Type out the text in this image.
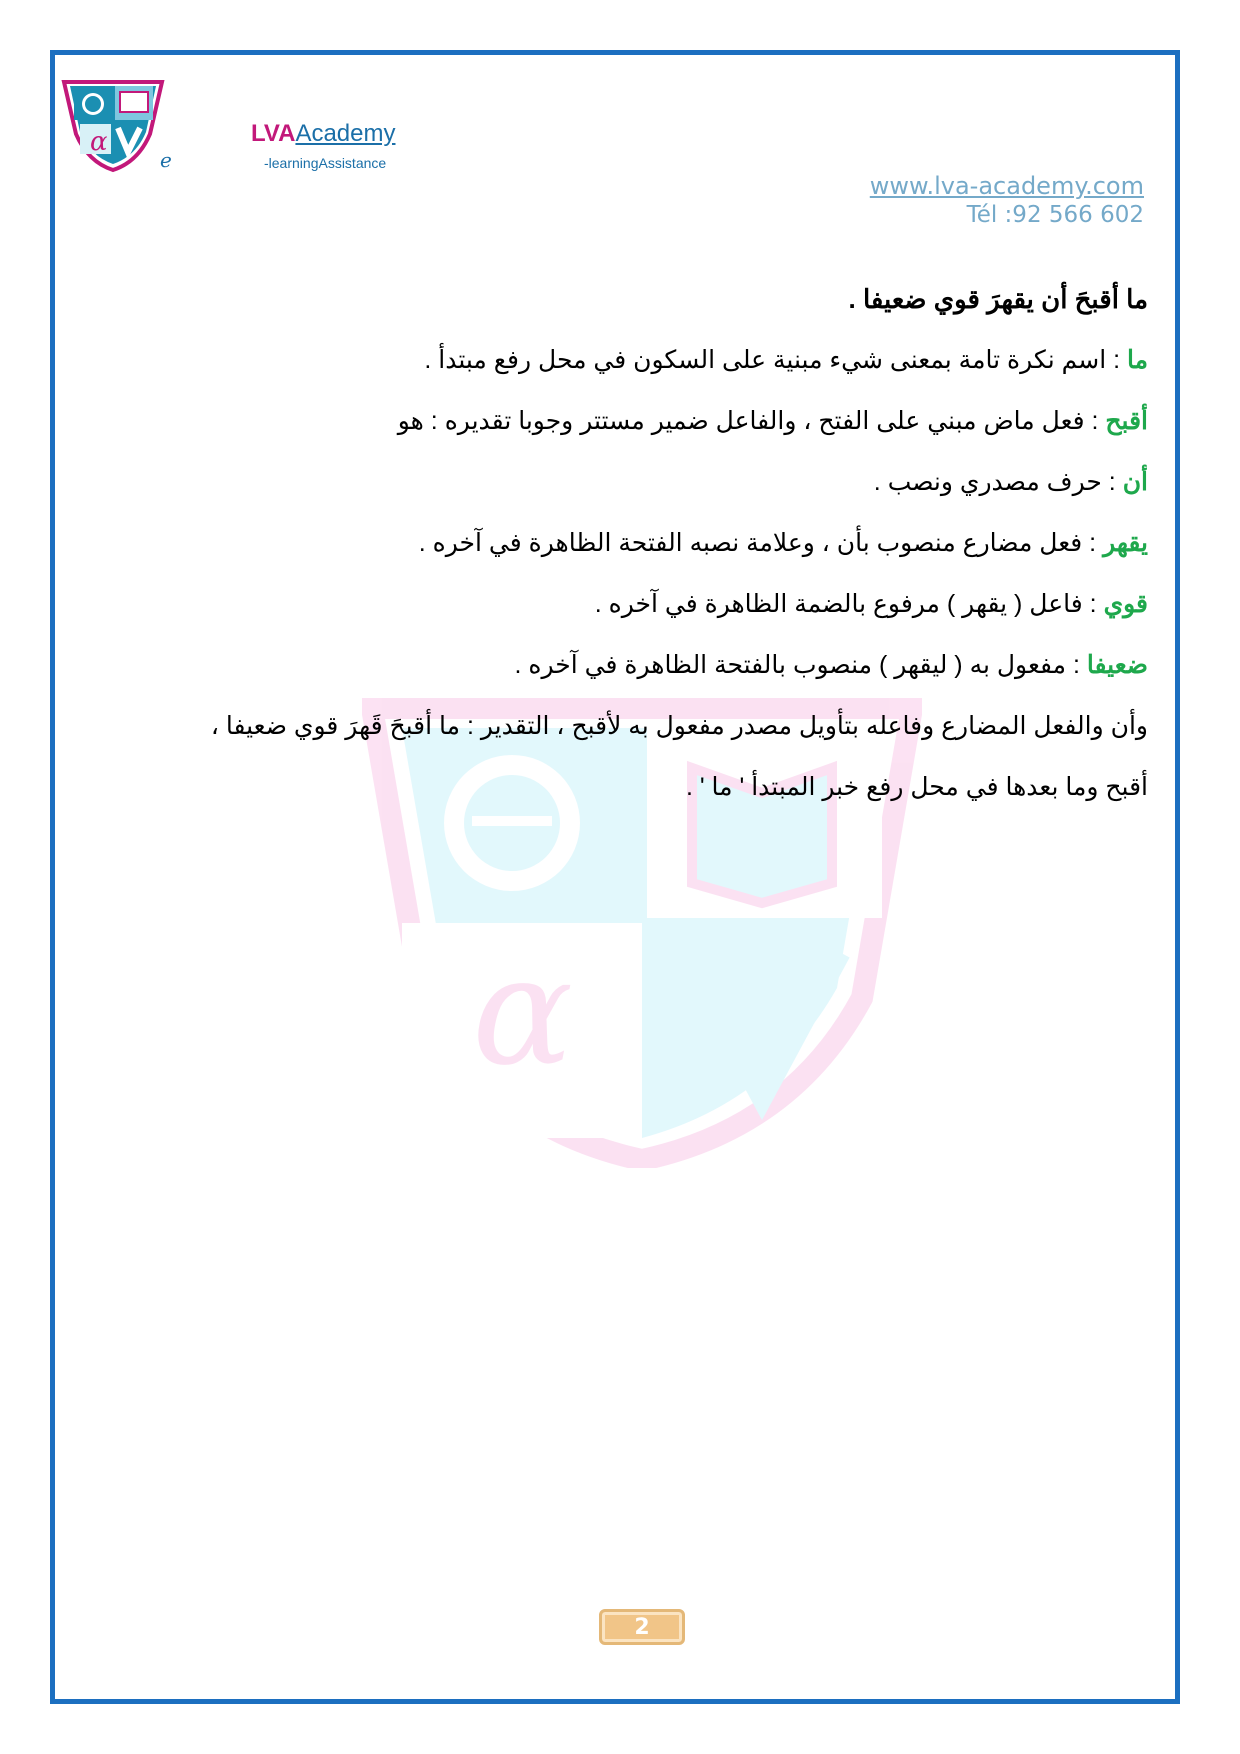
α
e
LVAAcademy
-learningAssistance
www.lva-academy.com
Tél :92 566 602
α
ما أقبحَ أن يقهرَ قوي ضعيفا .
ما : اسم نكرة تامة بمعنى شيء مبنية على السكون في محل رفع مبتدأ .
أقبح : فعل ماض مبني على الفتح ، والفاعل ضمير مستتر وجوبا تقديره : هو
أن : حرف مصدري ونصب .
يقهر : فعل مضارع منصوب بأن ، وعلامة نصبه الفتحة الظاهرة في آخره .
قوي : فاعل ( يقهر ) مرفوع بالضمة الظاهرة في آخره .
ضعيفا : مفعول به ( ليقهر ) منصوب بالفتحة الظاهرة في آخره .
وأن والفعل المضارع وفاعله بتأويل مصدر مفعول به لأقبح ، التقدير : ما أقبحَ قَهرَ قوي ضعيفا ،
أقبح وما بعدها في محل رفع خبر المبتدأ ' ما ' .
2
